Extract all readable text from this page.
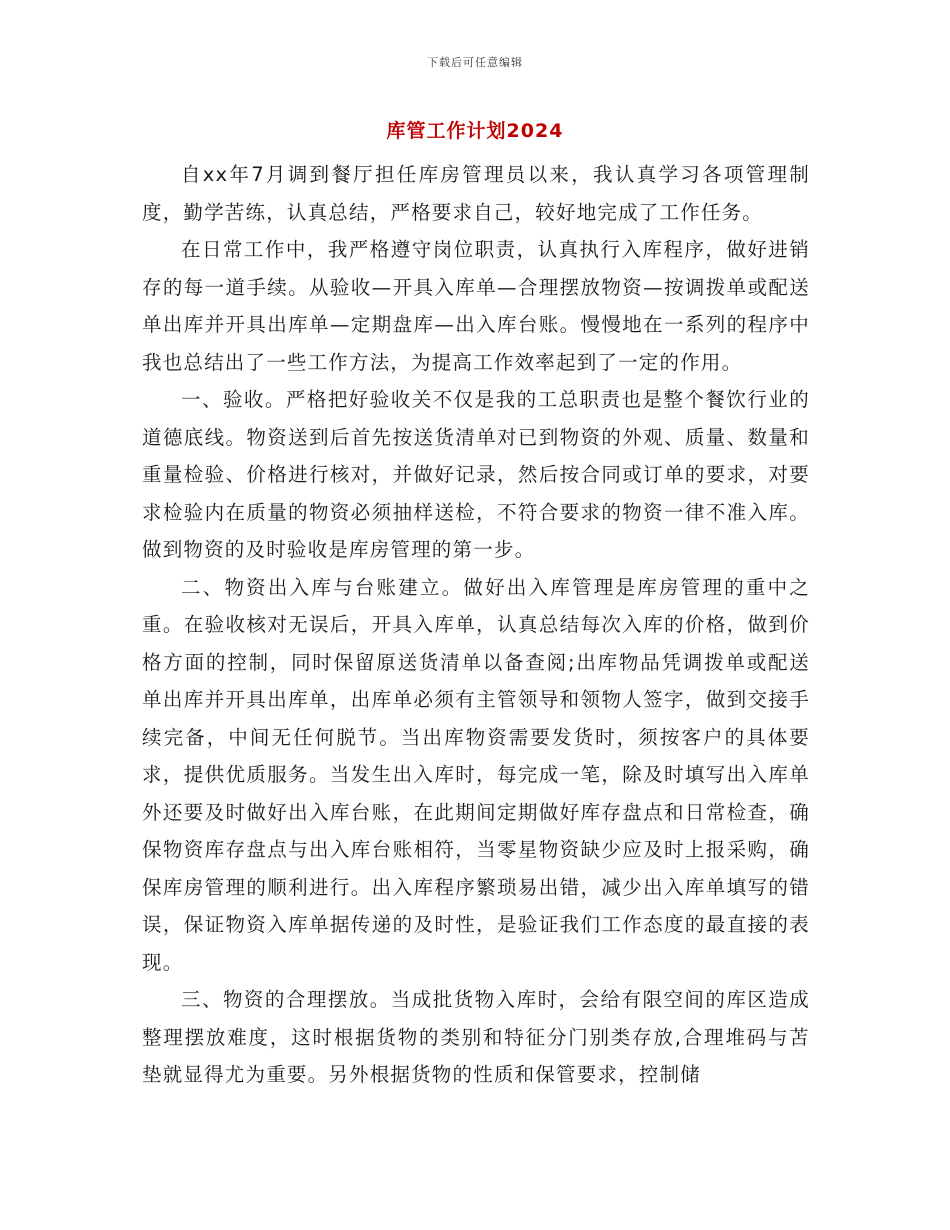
下载后可任意编辑
库管工作计划2024

自xx年7月调到餐厅担任库房管理员以来，我认真学习各项管理制度，勤学苦练，认真总结，严格要求自己，较好地完成了工作任务。

在日常工作中，我严格遵守岗位职责，认真执行入库程序，做好进销存的每一道手续。从验收—开具入库单—合理摆放物资—按调拨单或配送单出库并开具出库单—定期盘库—出入库台账。慢慢地在一系列的程序中我也总结出了一些工作方法，为提高工作效率起到了一定的作用。

一、验收。严格把好验收关不仅是我的工总职责也是整个餐饮行业的道德底线。物资送到后首先按送货清单对已到物资的外观、质量、数量和重量检验、价格进行核对，并做好记录，然后按合同或订单的要求，对要求检验内在质量的物资必须抽样送检，不符合要求的物资一律不准入库。做到物资的及时验收是库房管理的第一步。

二、物资出入库与台账建立。做好出入库管理是库房管理的重中之重。在验收核对无误后，开具入库单，认真总结每次入库的价格，做到价格方面的控制，同时保留原送货清单以备查阅;出库物品凭调拨单或配送单出库并开具出库单，出库单必须有主管领导和领物人签字，做到交接手续完备，中间无任何脱节。当出库物资需要发货时，须按客户的具体要求，提供优质服务。当发生出入库时，每完成一笔，除及时填写出入库单外还要及时做好出入库台账，在此期间定期做好库存盘点和日常检查，确保物资库存盘点与出入库台账相符，当零星物资缺少应及时上报采购，确保库房管理的顺利进行。出入库程序繁琐易出错，减少出入库单填写的错误，保证物资入库单据传递的及时性，是验证我们工作态度的最直接的表现。

三、物资的合理摆放。当成批货物入库时，会给有限空间的库区造成整理摆放难度，这时根据货物的类别和特征分门别类存放,合理堆码与苫垫就显得尤为重要。另外根据货物的性质和保管要求，控制储
